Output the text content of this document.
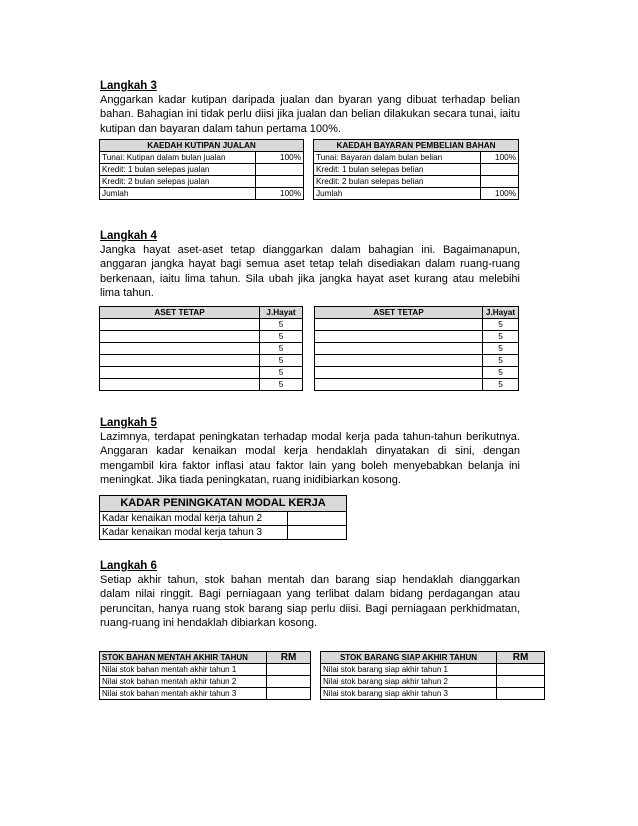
Langkah 3
Anggarkan kadar kutipan daripada jualan dan byaran yang dibuat terhadap belian bahan. Bahagian ini tidak perlu diisi jika jualan dan belian dilakukan secara tunai, iaitu kutipan dan bayaran dalam tahun pertama 100%.
KAEDAH KUTIPAN JUALAN	
Tunai: Kutipan dalam bulan jualan	100%
Kredit: 1 bulan selepas jualan	
Kredit: 2 bulan selepas jualan	
Jumlah	100%
KAEDAH BAYARAN PEMBELIAN BAHAN	
Tunai: Bayaran dalam bulan belian	100%
Kredit: 1 bulan selepas belian	
Kredit: 2 bulan selepas belian	
Jumlah	100%
Langkah 4
Jangka hayat aset-aset tetap dianggarkan dalam bahagian ini. Bagaimanapun, anggaran jangka hayat bagi semua aset tetap telah disediakan dalam ruang-ruang berkenaan, iaitu lima tahun. Sila ubah jika jangka hayat aset kurang atau melebihi lima tahun.
ASET TETAP	J.Hayat
	5
	5
	5
	5
	5
	5
ASET TETAP	J.Hayat
	5
	5
	5
	5
	5
	5
Langkah 5
Lazimnya, terdapat peningkatan terhadap modal kerja pada tahun-tahun berikutnya. Anggaran kadar kenaikan modal kerja hendaklah dinyatakan di sini, dengan mengambil kira faktor inflasi atau faktor lain yang boleh menyebabkan belanja ini meningkat. Jika tiada peningkatan, ruang inidibiarkan kosong.
KADAR PENINGKATAN MODAL KERJA	
Kadar kenaikan modal kerja tahun 2	
Kadar kenaikan modal kerja tahun 3	
Langkah 6
Setiap akhir tahun, stok bahan mentah dan barang siap hendaklah dianggarkan dalam nilai ringgit. Bagi perniagaan yang terlibat dalam bidang perdagangan atau peruncitan, hanya ruang stok barang siap perlu diisi. Bagi perniagaan perkhidmatan, ruang-ruang ini hendaklah dibiarkan kosong.
STOK BAHAN MENTAH AKHIR TAHUN	RM
Nilai stok bahan mentah akhir tahun 1	
Nilai stok bahan mentah akhir tahun 2	
Nilai stok bahan mentah akhir tahun 3	
STOK BARANG SIAP AKHIR TAHUN	RM
Nilai stok barang siap akhir tahun 1	
Nilai stok barang siap akhir tahun 2	
Nilai stok barang siap akhir tahun 3	
